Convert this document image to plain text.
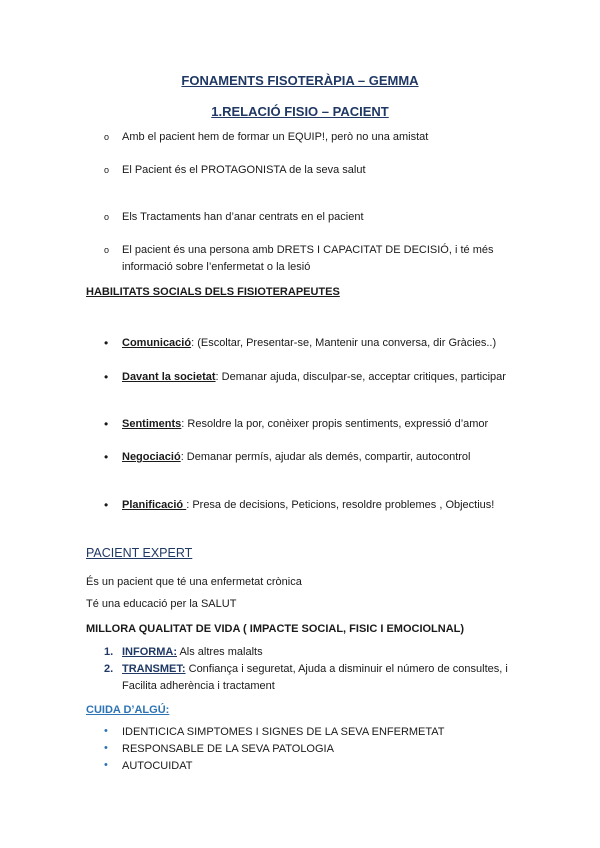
FONAMENTS FISOTERÀPIA – GEMMA
1.RELACIÓ FISIO – PACIENT
o Amb el pacient hem de formar un EQUIP!, però no una amistat
o El Pacient és el PROTAGONISTA de la seva salut
o Els Tractaments han d’anar centrats en el pacient
o El pacient és una persona amb DRETS I CAPACITAT DE DECISIÓ, i té més
informació sobre l’enfermetat o la lesió
HABILITATS SOCIALS DELS FISIOTERAPEUTES
• Comunicació: (Escoltar, Presentar-se, Mantenir una conversa, dir Gràcies..)
• Davant la societat: Demanar ajuda, disculpar-se, acceptar critiques, participar
• Sentiments: Resoldre la por, conèixer propis sentiments, expressió d’amor
• Negociació: Demanar permís, ajudar als demés, compartir, autocontrol
• Planificació : Presa de decisions, Peticions, resoldre problemes , Objectius!
PACIENT EXPERT
És un pacient que té una enfermetat crònica
Té una educació per la SALUT
MILLORA QUALITAT DE VIDA ( IMPACTE SOCIAL, FISIC I EMOCIOLNAL)
1. INFORMA: Als altres malalts
2. TRANSMET: Confiança i seguretat, Ajuda a disminuir el número de consultes, i
Facilita adherència i tractament
CUIDA D’ALGÚ:
• IDENTICICA SIMPTOMES I SIGNES DE LA SEVA ENFERMETAT
• RESPONSABLE DE LA SEVA PATOLOGIA
• AUTOCUIDAT
